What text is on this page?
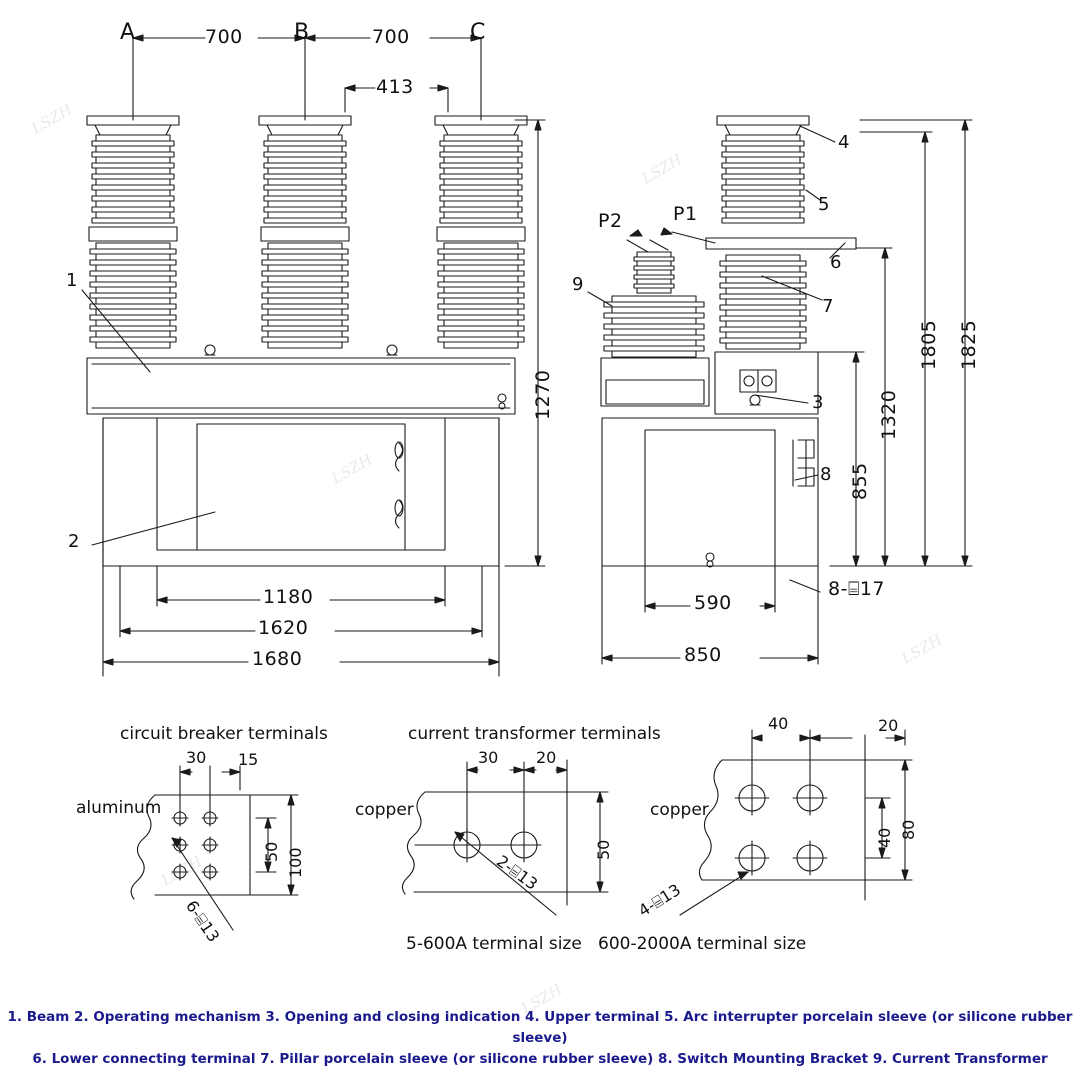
A	B	C
700	700
413
1
2
1270
1180
1620
1680
P2	P1
9
4
5
6
7
3
8
1805 1825
1320
855
590
850
8-⌸17
circuit breaker terminals
aluminum
30 15
50 100
6-⌸13
current transformer terminals
copper
30 20
50
2-⌸13
5-600A terminal size
copper
40	20
40 80
4-⌸13
600-2000A terminal size
LSZH
LSZH
LSZH
LSZH
LSZH
LSZH
1. Beam 2. Operating mechanism 3. Opening and closing indication 4. Upper terminal 5. Arc interrupter porcelain sleeve (or silicone rubber sleeve)
6. Lower connecting terminal 7. Pillar porcelain sleeve (or silicone rubber sleeve) 8. Switch Mounting Bracket 9. Current Transformer
